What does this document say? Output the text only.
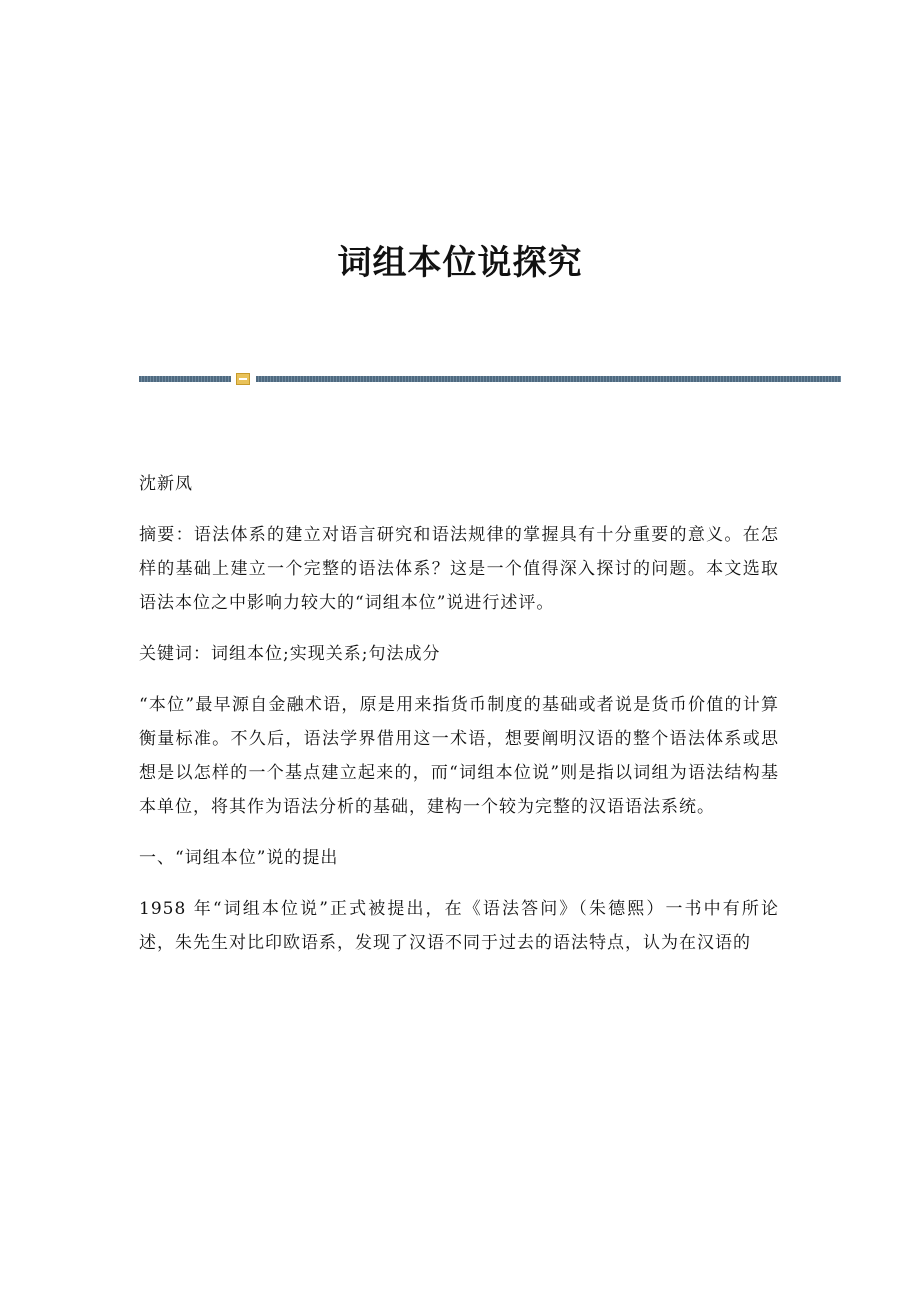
词组本位说探究

沈新凤

摘要：语法体系的建立对语言研究和语法规律的掌握具有十分重要的意义。在怎样的基础上建立一个完整的语法体系？这是一个值得深入探讨的问题。本文选取语法本位之中影响力较大的“词组本位”说进行述评。

关键词：词组本位;实现关系;句法成分

“本位”最早源自金融术语，原是用来指货币制度的基础或者说是货币价值的计算衡量标准。不久后，语法学界借用这一术语，想要阐明汉语的整个语法体系或思想是以怎样的一个基点建立起来的，而“词组本位说”则是指以词组为语法结构基本单位，将其作为语法分析的基础，建构一个较为完整的汉语语法系统。

一、“词组本位”说的提出

1958 年“词组本位说”正式被提出，在《语法答问》（朱德熙）一书中有所论述，朱先生对比印欧语系，发现了汉语不同于过去的语法特点，认为在汉语的
